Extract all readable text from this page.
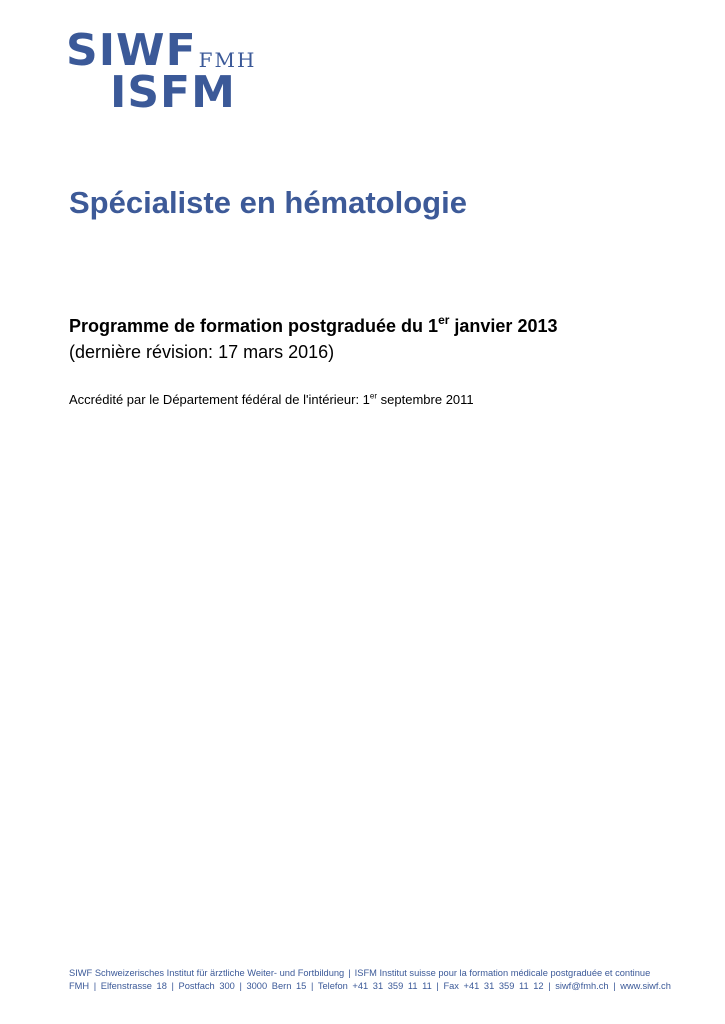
SIWF FMH
ISFM
Spécialiste en hématologie
Programme de formation postgraduée du 1er janvier 2013
(dernière révision: 17 mars 2016)
Accrédité par le Département fédéral de l'intérieur: 1er septembre 2011
SIWF Schweizerisches Institut für ärztliche Weiter- und Fortbildung | ISFM Institut suisse pour la formation médicale postgraduée et continue
FMH | Elfenstrasse 18 | Postfach 300 | 3000 Bern 15 | Telefon +41 31 359 11 11 | Fax +41 31 359 11 12 | siwf@fmh.ch | www.siwf.ch
